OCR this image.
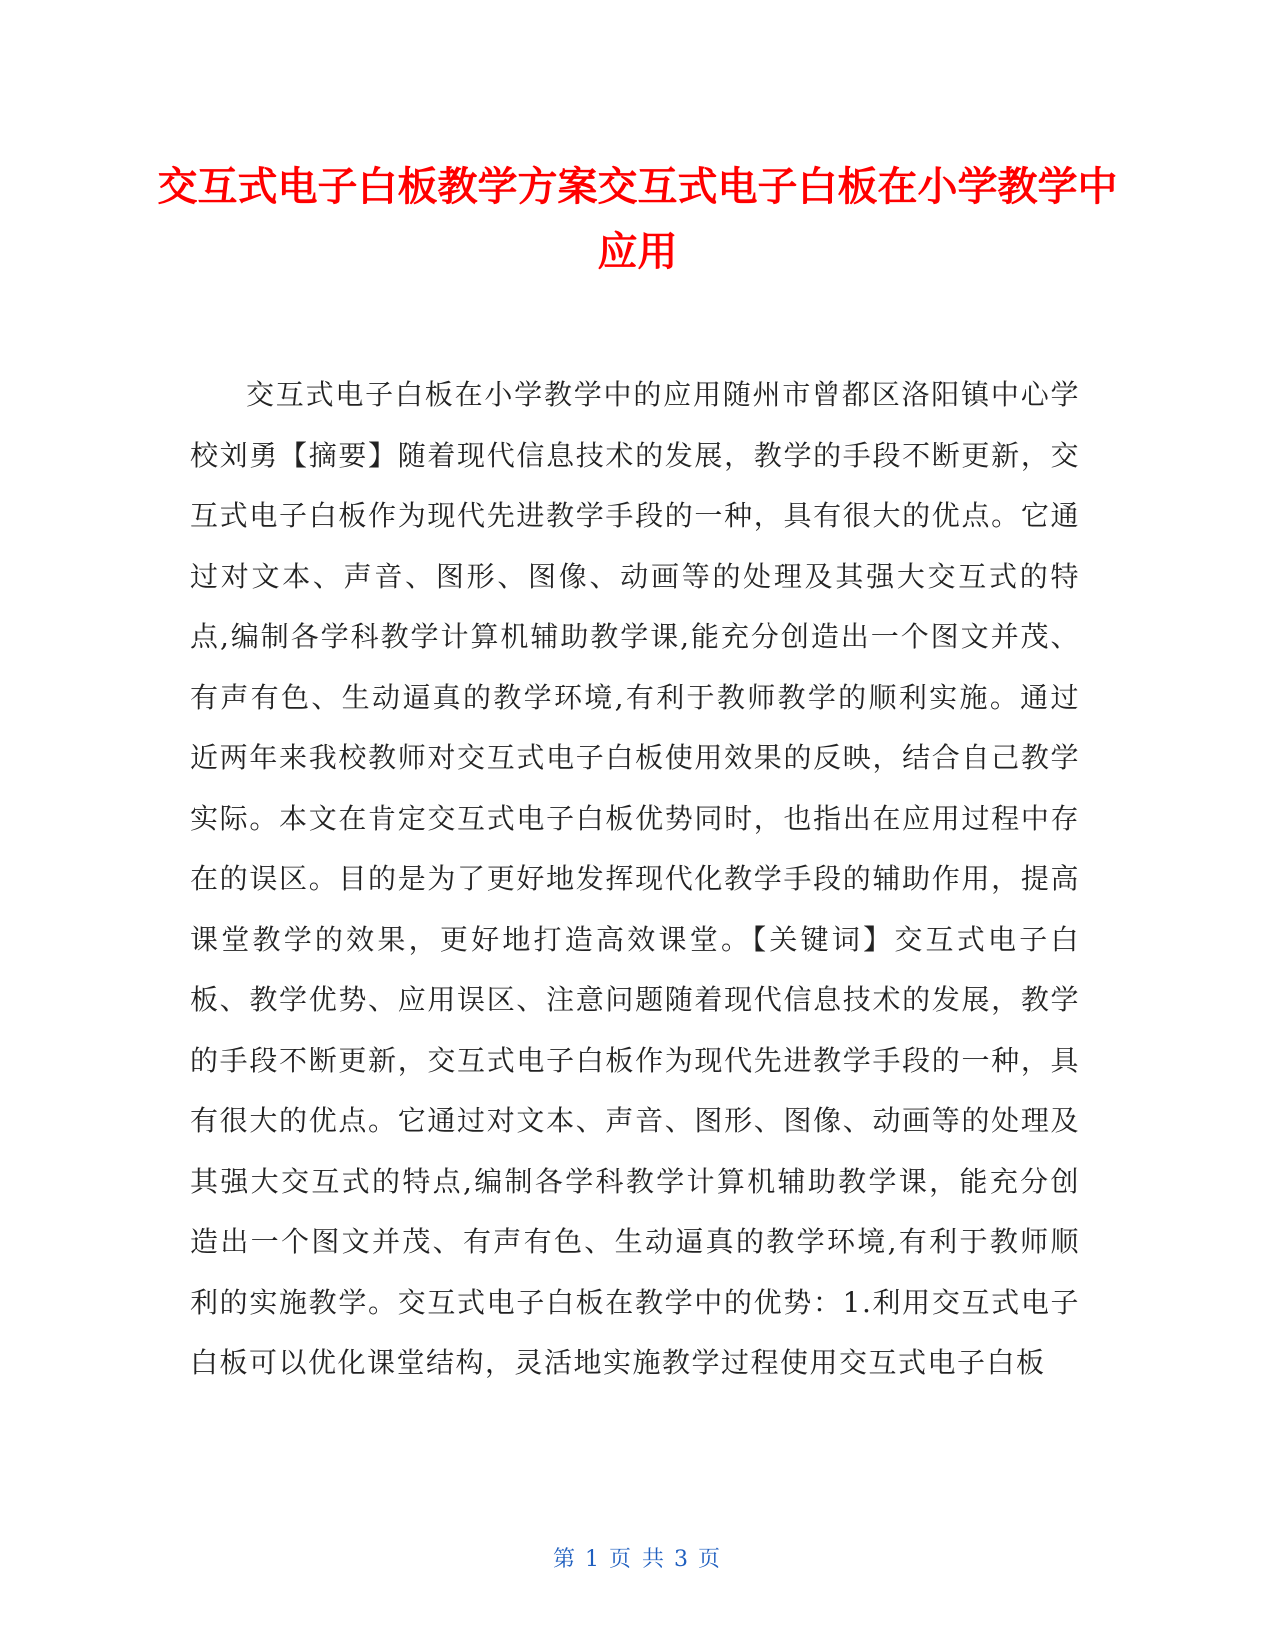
交互式电子白板教学方案交互式电子白板在小学教学中应用

交互式电子白板在小学教学中的应用随州市曾都区洛阳镇中心学校刘勇【摘要】随着现代信息技术的发展，教学的手段不断更新，交互式电子白板作为现代先进教学手段的一种，具有很大的优点。它通过对文本、声音、图形、图像、动画等的处理及其强大交互式的特点,编制各学科教学计算机辅助教学课,能充分创造出一个图文并茂、有声有色、生动逼真的教学环境,有利于教师教学的顺利实施。通过近两年来我校教师对交互式电子白板使用效果的反映，结合自己教学实际。本文在肯定交互式电子白板优势同时，也指出在应用过程中存在的误区。目的是为了更好地发挥现代化教学手段的辅助作用，提高课堂教学的效果，更好地打造高效课堂。【关键词】交互式电子白板、教学优势、应用误区、注意问题随着现代信息技术的发展，教学的手段不断更新，交互式电子白板作为现代先进教学手段的一种，具有很大的优点。它通过对文本、声音、图形、图像、动画等的处理及其强大交互式的特点,编制各学科教学计算机辅助教学课，能充分创造出一个图文并茂、有声有色、生动逼真的教学环境,有利于教师顺利的实施教学。交互式电子白板在教学中的优势：1.利用交互式电子白板可以优化课堂结构，灵活地实施教学过程使用交互式电子白板

第 1 页 共 3 页
